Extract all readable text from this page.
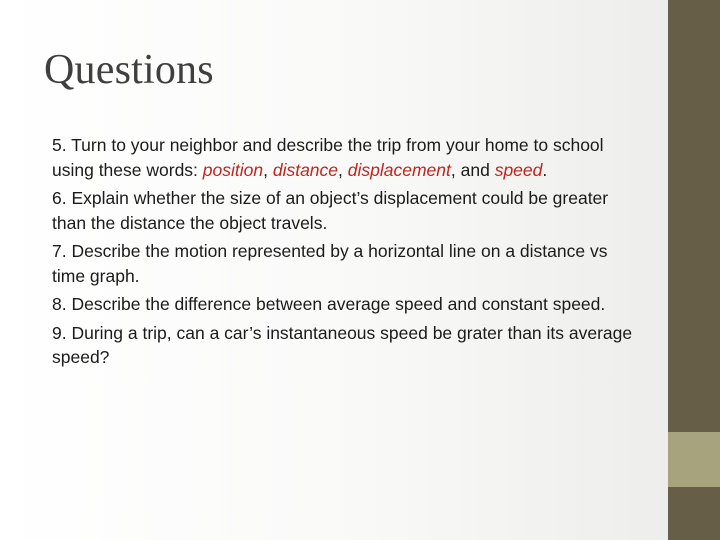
Questions

5. Turn to your neighbor and describe the trip from your home to school using these words: position, distance, displacement, and speed.

6. Explain whether the size of an object’s displacement could be greater than the distance the object travels.

7. Describe the motion represented by a horizontal line on a distance vs time graph.

8. Describe the difference between average speed and constant speed.

9. During a trip, can a car’s instantaneous speed be grater than its average speed?
